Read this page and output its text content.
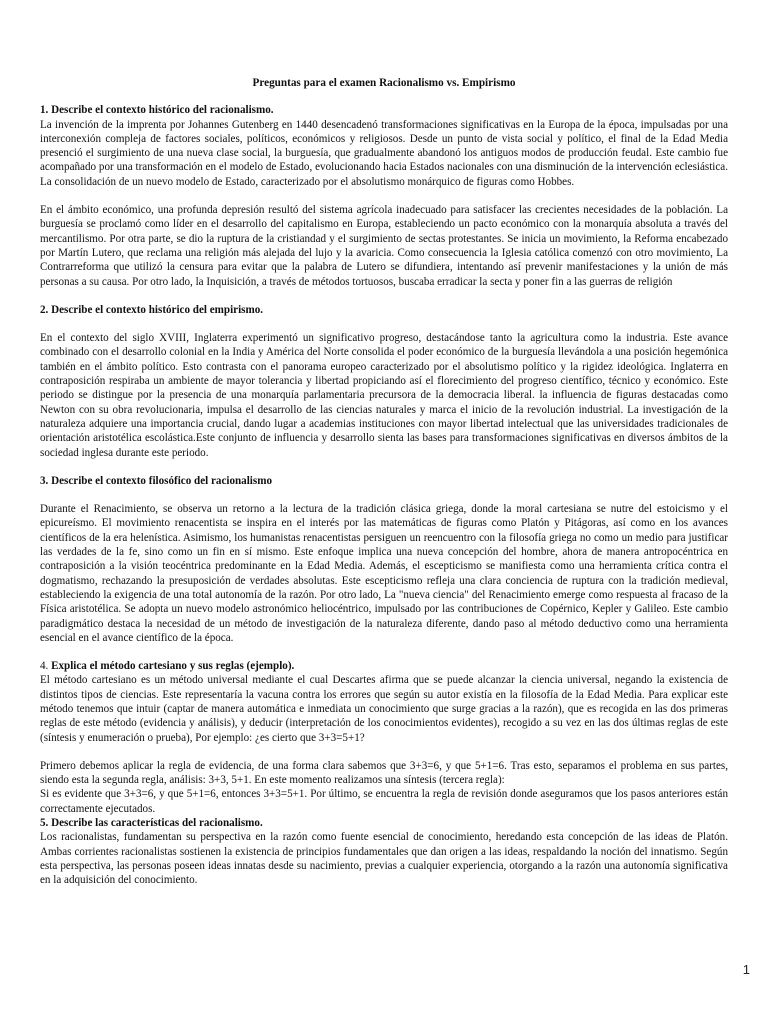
Preguntas para el examen Racionalismo vs. Empirismo
1. Describe el contexto histórico del racionalismo.

La invención de la imprenta por Johannes Gutenberg en 1440 desencadenó transformaciones significativas en la Europa de la época, impulsadas por una interconexión compleja de factores sociales, políticos, económicos y religiosos. Desde un punto de vista social y político, el final de la Edad Media presenció el surgimiento de una nueva clase social, la burguesía, que gradualmente abandonó los antiguos modos de producción feudal. Este cambio fue acompañado por una transformación en el modelo de Estado, evolucionando hacia Estados nacionales con una disminución de la intervención eclesiástica. La consolidación de un nuevo modelo de Estado, caracterizado por el absolutismo monárquico de figuras como Hobbes.

En el ámbito económico, una profunda depresión resultó del sistema agrícola inadecuado para satisfacer las crecientes necesidades de la población. La burguesía se proclamó como líder en el desarrollo del capitalismo en Europa, estableciendo un pacto económico con la monarquía absoluta a través del mercantilismo. Por otra parte, se dio la ruptura de la cristiandad y el surgimiento de sectas protestantes. Se inicia un movimiento, la Reforma encabezado por Martín Lutero, que reclama una religión más alejada del lujo y la avaricia. Como consecuencia la Iglesia católica comenzó con otro movimiento, La Contrarreforma que utilizó la censura para evitar que la palabra de Lutero se difundiera, intentando así prevenir manifestaciones y la unión de más personas a su causa. Por otro lado, la Inquisición, a través de métodos tortuosos, buscaba erradicar la secta y poner fin a las guerras de religión

2. Describe el contexto histórico del empirismo.

En el contexto del siglo XVIII, Inglaterra experimentó un significativo progreso, destacándose tanto la agricultura como la industria. Este avance combinado con el desarrollo colonial en la India y América del Norte consolida el poder económico de la burguesía llevándola a una posición hegemónica también en el ámbito político. Esto contrasta con el panorama europeo caracterizado por el absolutismo político y la rigidez ideológica. Inglaterra en contraposición respiraba un ambiente de mayor tolerancia y libertad propiciando así el florecimiento del progreso científico, técnico y económico. Este periodo se distingue por la presencia de una monarquía parlamentaria precursora de la democracia liberal. la influencia de figuras destacadas como Newton con su obra revolucionaria, impulsa el desarrollo de las ciencias naturales y marca el inicio de la revolución industrial. La investigación de la naturaleza adquiere una importancia crucial, dando lugar a academias instituciones con mayor libertad intelectual que las universidades tradicionales de orientación aristotélica escolástica.Este conjunto de influencia y desarrollo sienta las bases para transformaciones significativas en diversos ámbitos de la sociedad inglesa durante este periodo.

3. Describe el contexto filosófico del racionalismo

Durante el Renacimiento, se observa un retorno a la lectura de la tradición clásica griega, donde la moral cartesiana se nutre del estoicismo y el epicureísmo. El movimiento renacentista se inspira en el interés por las matemáticas de figuras como Platón y Pitágoras, así como en los avances científicos de la era helenística. Asimismo, los humanistas renacentistas persiguen un reencuentro con la filosofía griega no como un medio para justificar las verdades de la fe, sino como un fin en sí mismo. Este enfoque implica una nueva concepción del hombre, ahora de manera antropocéntrica en contraposición a la visión teocéntrica predominante en la Edad Media. Además, el escepticismo se manifiesta como una herramienta crítica contra el dogmatismo, rechazando la presuposición de verdades absolutas. Este escepticismo refleja una clara conciencia de ruptura con la tradición medieval, estableciendo la exigencia de una total autonomía de la razón. Por otro lado, La "nueva ciencia" del Renacimiento emerge como respuesta al fracaso de la Física aristotélica. Se adopta un nuevo modelo astronómico heliocéntrico, impulsado por las contribuciones de Copérnico, Kepler y Galileo. Este cambio paradigmático destaca la necesidad de un método de investigación de la naturaleza diferente, dando paso al método deductivo como una herramienta esencial en el avance científico de la época.

4. Explica el método cartesiano y sus reglas (ejemplo).

El método cartesiano es un método universal mediante el cual Descartes afirma que se puede alcanzar la ciencia universal, negando la existencia de distintos tipos de ciencias. Este representaría la vacuna contra los errores que según su autor existía en la filosofía de la Edad Media. Para explicar este método tenemos que intuir (captar de manera automática e inmediata un conocimiento que surge gracias a la razón), que es recogida en las dos primeras reglas de este método (evidencia y análisis), y deducir (interpretación de los conocimientos evidentes), recogido a su vez en las dos últimas reglas de este (síntesis y enumeración o prueba), Por ejemplo: ¿es cierto que 3+3=5+1?

Primero debemos aplicar la regla de evidencia, de una forma clara sabemos que 3+3=6, y que 5+1=6. Tras esto, separamos el problema en sus partes, siendo esta la segunda regla, análisis: 3+3, 5+1. En este momento realizamos una síntesis (tercera regla):

Si es evidente que 3+3=6, y que 5+1=6, entonces 3+3=5+1. Por último, se encuentra la regla de revisión donde aseguramos que los pasos anteriores están correctamente ejecutados.

5. Describe las características del racionalismo.

Los racionalistas, fundamentan su perspectiva en la razón como fuente esencial de conocimiento, heredando esta concepción de las ideas de Platón. Ambas corrientes racionalistas sostienen la existencia de principios fundamentales que dan origen a las ideas, respaldando la noción del innatismo. Según esta perspectiva, las personas poseen ideas innatas desde su nacimiento, previas a cualquier experiencia, otorgando a la razón una autonomía significativa en la adquisición del conocimiento.

1
